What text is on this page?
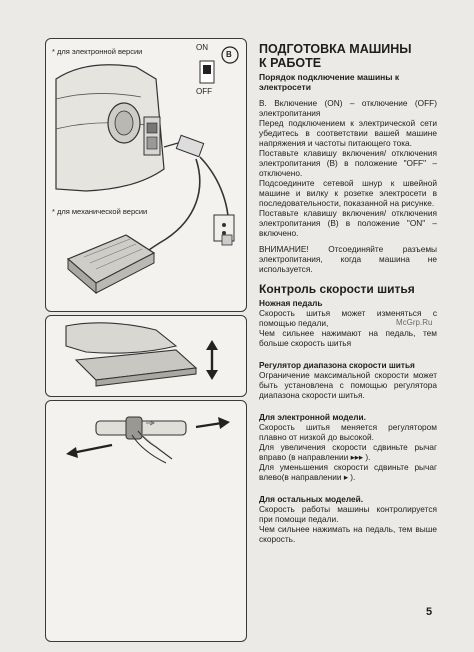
* для электронной версии
* для механической версии
ON
B
OFF

ПОДГОТОВКА МАШИНЫ

К РАБОТЕ

Порядок подключение машины к электросети

В. Включение (ON) – отключение (OFF) электропитания

Перед подключением к электрической сети убедитесь в соответствии вашей машине напряжения и частоты питающего тока.

Поставьте клавишу включения/ отключения электропитания (В) в положение "OFF" – отключено.

Подсоедините сетевой шнур к швейной машине и вилку к розетке электросети в последовательности, показанной на рисунке.

Поставьте клавишу включения/ отключения электропитания (В) в положение "ON" – включено.

ВНИМАНИЕ! Отсоединяйте разъемы электропитания, когда машина не используется.

Контроль скорости шитья

Ножная педаль

Скорость шитья может изменяться с помощью педали,

Чем сильнее нажимают на педаль, тем больше скорость шитья

Регулятор диапазона скорости шитья

Ограничение максимальной скорости может быть установлена с помощью регулятора диапазона скорости шитья.

Для электронной модели.

Скорость шитья меняется регулятором плавно от низкой до высокой.

Для увеличения скорости сдвиньте рычаг вправо (в направлении ▸▸▸ ).

Для уменьшения скорости сдвиньте рычаг влево(в направлении ▸ ).

Для остальных моделей.

Скорость работы машины контролируется при помощи педали.

Чем сильнее нажимать на педаль, тем выше скорость.

McGrp.Ru
5
